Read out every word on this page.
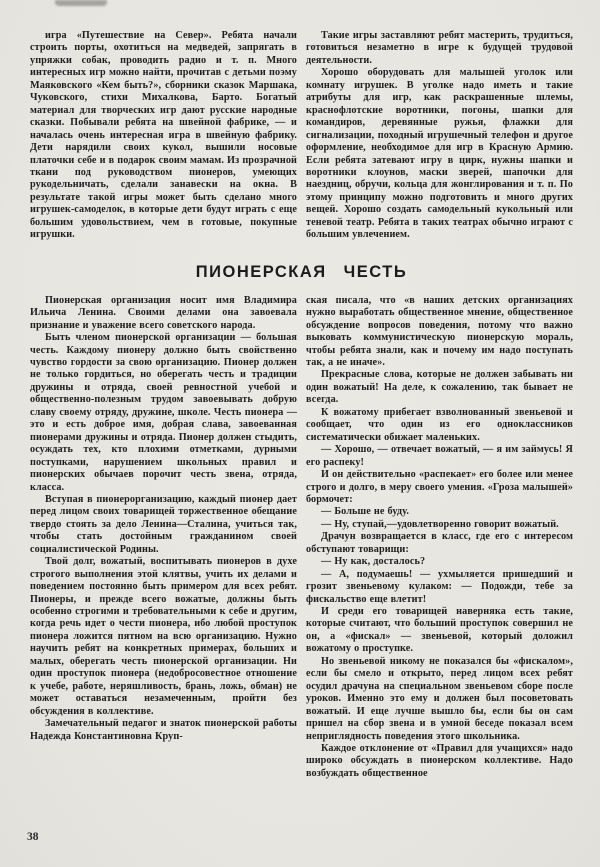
игра «Путешествие на Север». Ребята начали строить порты, охотиться на медведей, запрягать в упряжки собак, проводить радио и т. п. Много интересных игр можно найти, прочитав с детьми поэму Маяковского «Кем быть?», сборники сказок Маршака, Чуковского, стихи Михалкова, Барто. Богатый материал для творческих игр дают русские народные сказки. Побывали ребята на швейной фабрике, — и началась очень интересная игра в швейную фабрику. Дети нарядили своих кукол, вышили носовые платочки себе и в подарок своим мамам. Из прозрачной ткани под руководством пионеров, умеющих рукодельничать, сделали занавески на окна. В результате такой игры может быть сделано много игрушек-самоделок, в которые дети будут играть с еще большим удовольствием, чем в готовые, покупные игрушки.

Такие игры заставляют ребят мастерить, трудиться, готовиться незаметно в игре к будущей трудовой деятельности.

Хорошо оборудовать для малышей уголок или комнату игрушек. В уголке надо иметь и такие атрибуты для игр, как раскрашенные шлемы, краснофлотские воротники, погоны, шапки для командиров, деревянные ружья, флажки для сигнализации, походный игрушечный телефон и другое оформление, необходимое для игр в Красную Армию. Если ребята затевают игру в цирк, нужны шапки и воротники клоунов, маски зверей, шапочки для наездниц, обручи, кольца для жонглирования и т. п. По этому принципу можно подготовить и много других вещей. Хорошо создать самодельный кукольный или теневой театр. Ребята в таких театрах обычно играют с большим увлечением.

ПИОНЕРСКАЯ ЧЕСТЬ

Пионерская организация носит имя Владимира Ильича Ленина. Своими делами она завоевала признание и уважение всего советского народа.

Быть членом пионерской организации — большая честь. Каждому пионеру должно быть свойственно чувство гордости за свою организацию. Пионер должен не только гордиться, но оберегать честь и традиции дружины и отряда, своей ревностной учебой и общественно-полезным трудом завоевывать добрую славу своему отряду, дружине, школе. Честь пионера — это и есть доброе имя, добрая слава, завоеванная пионерами дружины и отряда. Пионер должен стыдить, осуждать тех, кто плохими отметками, дурными поступками, нарушением школьных правил и пионерских обычаев порочит честь звена, отряда, класса.

Вступая в пионерорганизацию, каждый пионер дает перед лицом своих товарищей торжественное обещание твердо стоять за дело Ленина—Сталина, учиться так, чтобы стать достойным гражданином своей социалистической Родины.

Твой долг, вожатый, воспитывать пионеров в духе строгого выполнения этой клятвы, учить их делами и поведением постоянно быть примером для всех ребят. Пионеры, и прежде всего вожатые, должны быть особенно строгими и требовательными к себе и другим, когда речь идет о чести пионера, ибо любой проступок пионера ложится пятном на всю организацию. Нужно научить ребят на конкретных примерах, больших и малых, оберегать честь пионерской организации. Ни один проступок пионера (недобросовестное отношение к учебе, работе, неряшливость, брань, ложь, обман) не может оставаться незамеченным, пройти без обсуждения в коллективе.

Замечательный педагог и знаток пионерской работы Надежда Константиновна Круп-

ская писала, что «в наших детских организациях нужно выработать общественное мнение, общественное обсуждение вопросов поведения, потому что важно выковать коммунистическую пионерскую мораль, чтобы ребята знали, как и почему им надо поступать так, а не иначе».

Прекрасные слова, которые не должен забывать ни один вожатый! На деле, к сожалению, так бывает не всегда.

К вожатому прибегает взволнованный звеньевой и сообщает, что один из его одноклассников систематически обижает маленьких.

— Хорошо, — отвечает вожатый, — я им займусь! Я его распеку!

И он действительно «распекает» его более или менее строго и долго, в меру своего умения. «Гроза малышей» бормочет:

— Больше не буду.

— Ну, ступай,—удовлетворенно говорит вожатый.

Драчун возвращается в класс, где его с интересом обступают товарищи:

— Ну как, досталось?

— А, подумаешь! — ухмыляется пришедший и грозит звеньевому кулаком: — Подожди, тебе за фискальство еще влетит!

И среди его товарищей наверняка есть такие, которые считают, что больший проступок совершил не он, а «фискал» — звеньевой, который доложил вожатому о проступке.

Но звеньевой никому не показался бы «фискалом», если бы смело и открыто, перед лицом всех ребят осудил драчуна на специальном звеньевом сборе после уроков. Именно это ему и должен был посоветовать вожатый. И еще лучше вышло бы, если бы он сам пришел на сбор звена и в умной беседе показал всем неприглядность поведения этого школьника.

Каждое отклонение от «Правил для учащихся» надо широко обсуждать в пионерском коллективе. Надо возбуждать общественное

38
